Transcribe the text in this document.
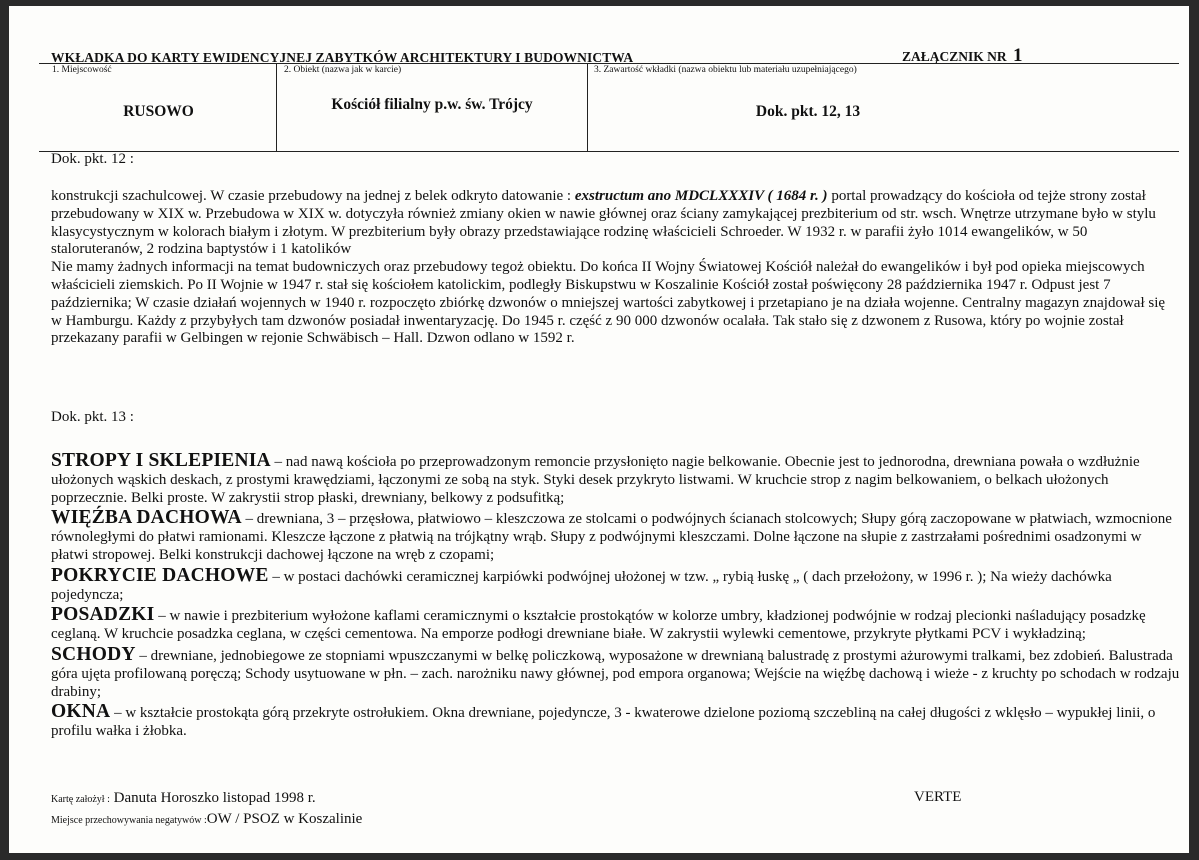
WKŁADKA DO KARTY EWIDENCYJNEJ ZABYTKÓW ARCHITEKTURY I BUDOWNICTWA	ZAŁĄCZNIK NR 1
1. Miejscowość	2. Obiekt (nazwa jak w karcie)	3. Zawartość wkładki (nazwa obiektu lub materiału uzupełniającego)
RUSOWO	Kościół filialny p.w. św. Trójcy	Dok. pkt. 12, 13
Dok. pkt. 12 :

konstrukcji szachulcowej. W czasie przebudowy na jednej z belek odkryto datowanie : exstructum ano MDCLXXXIV ( 1684 r. ) portal prowadzący do kościoła od tejże strony został przebudowany w XIX w. Przebudowa w XIX w. dotyczyła również zmiany okien w nawie głównej oraz ściany zamykającej prezbiterium od str. wsch. Wnętrze utrzymane było w stylu klasycystycznym w kolorach białym i złotym. W prezbiterium były obrazy przedstawiające rodzinę właścicieli Schroeder. W 1932 r. w parafii żyło 1014 ewangelików, w 50 staloruteranów, 2 rodzina baptystów i 1 katolików

Nie mamy żadnych informacji na temat budowniczych oraz przebudowy tegoż obiektu. Do końca II Wojny Światowej Kościół należał do ewangelików i był pod opieka miejscowych właścicieli ziemskich. Po II Wojnie w 1947 r. stał się kościołem katolickim, podległy Biskupstwu w Koszalinie Kościół został poświęcony 28 października 1947 r. Odpust jest 7 października; W czasie działań wojennych w 1940 r. rozpoczęto zbiórkę dzwonów o mniejszej wartości zabytkowej i przetapiano je na działa wojenne. Centralny magazyn znajdował się w Hamburgu. Każdy z przybyłych tam dzwonów posiadał inwentaryzację. Do 1945 r. część z 90 000 dzwonów ocalała. Tak stało się z dzwonem z Rusowa, który po wojnie został przekazany parafii w Gelbingen w rejonie Schwäbisch – Hall. Dzwon odlano w 1592 r.

Dok. pkt. 13 :

STROPY I SKLEPIENIA – nad nawą kościoła po przeprowadzonym remoncie przysłonięto nagie belkowanie. Obecnie jest to jednorodna, drewniana powała o wzdłużnie ułożonych wąskich deskach, z prostymi krawędziami, łączonymi ze sobą na styk. Styki desek przykryto listwami. W kruchcie strop z nagim belkowaniem, o belkach ułożonych poprzecznie. Belki proste. W zakrystii strop płaski, drewniany, belkowy z podsufitką;

WIĘŹBA DACHOWA – drewniana, 3 – przęsłowa, płatwiowo – kleszczowa ze stolcami o podwójnych ścianach stolcowych; Słupy górą zaczopowane w płatwiach, wzmocnione równoległymi do płatwi ramionami. Kleszcze łączone z płatwią na trójkątny wrąb. Słupy z podwójnymi kleszczami. Dolne łączone na słupie z zastrzałami pośrednimi osadzonymi w płatwi stropowej. Belki konstrukcji dachowej łączone na wręb z czopami;

POKRYCIE DACHOWE – w postaci dachówki ceramicznej karpiówki podwójnej ułożonej w tzw. „ rybią łuskę „ ( dach przełożony, w 1996 r. ); Na wieży dachówka pojedyncza;

POSADZKI – w nawie i prezbiterium wyłożone kaflami ceramicznymi o kształcie prostokątów w kolorze umbry, kładzionej podwójnie w rodzaj plecionki naśladujący posadzkę ceglaną. W kruchcie posadzka ceglana, w części cementowa. Na emporze podłogi drewniane białe. W zakrystii wylewki cementowe, przykryte płytkami PCV i wykładziną;

SCHODY – drewniane, jednobiegowe ze stopniami wpuszczanymi w belkę policzkową, wyposażone w drewnianą balustradę z prostymi ażurowymi tralkami, bez zdobień. Balustrada góra ujęta profilowaną poręczą; Schody usytuowane w płn. – zach. narożniku nawy głównej, pod empora organowa; Wejście na więźbę dachową i wieże - z kruchty po schodach w rodzaju drabiny;

OKNA – w kształcie prostokąta górą przekryte ostrołukiem. Okna drewniane, pojedyncze, 3 - kwaterowe dzielone poziomą szczebliną na całej długości z wklęsło – wypukłej linii, o profilu wałka i żłobka.

Kartę założył : Danuta Horoszko listopad 1998 r.	VERTE
Miejsce przechowywania negatywów :OW / PSOZ w Koszalinie
